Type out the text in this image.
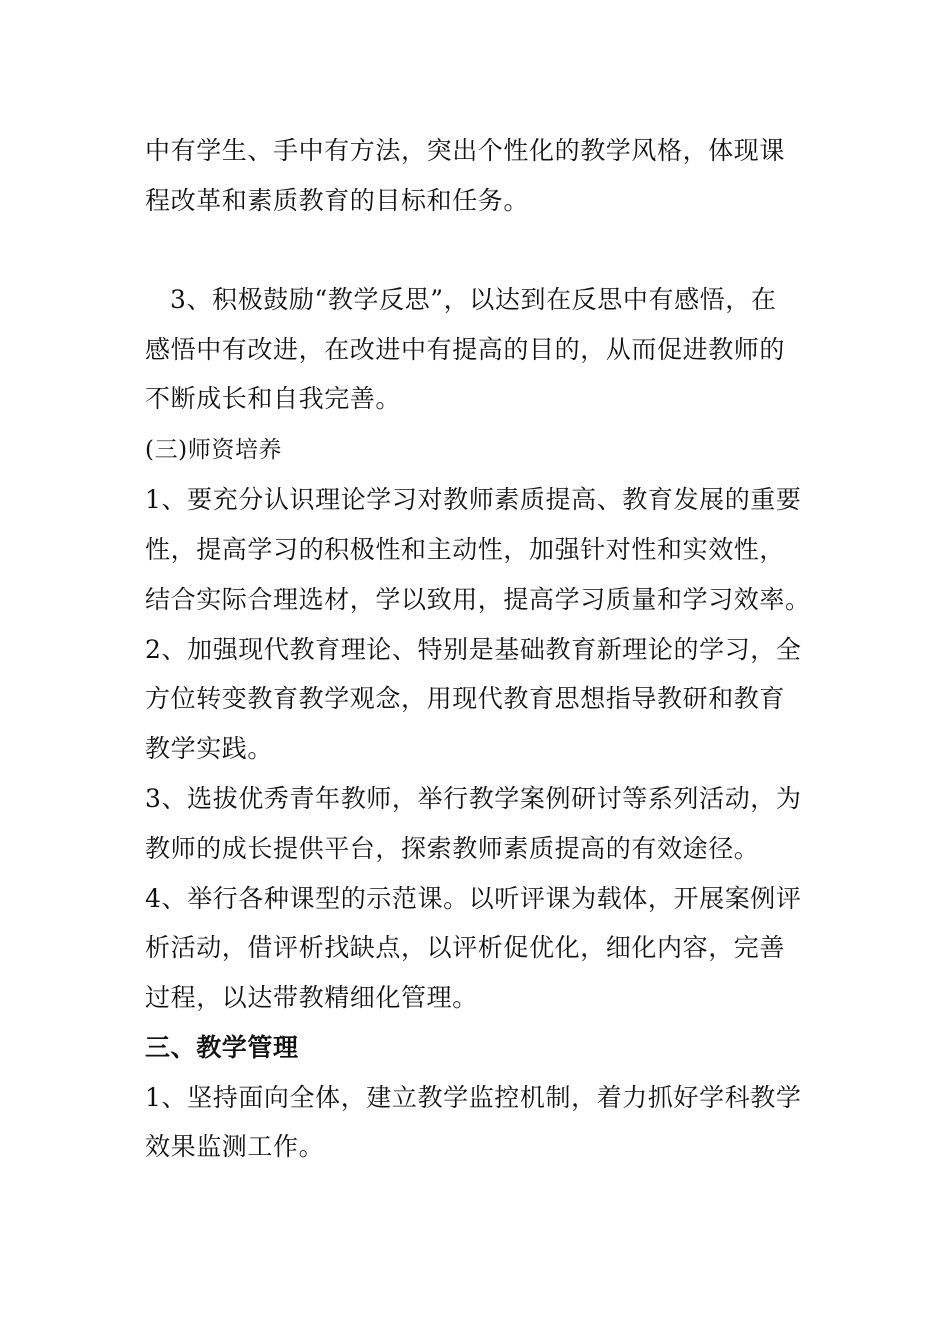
中有学生、手中有方法，突出个性化的教学风格，体现课
程改革和素质教育的目标和任务。
3、积极鼓励“教学反思”，以达到在反思中有感悟，在
感悟中有改进，在改进中有提高的目的，从而促进教师的
不断成长和自我完善。
(三)师资培养
1、要充分认识理论学习对教师素质提高、教育发展的重要
性，提高学习的积极性和主动性，加强针对性和实效性，
结合实际合理选材，学以致用，提高学习质量和学习效率。
2、加强现代教育理论、特别是基础教育新理论的学习，全
方位转变教育教学观念，用现代教育思想指导教研和教育
教学实践。
3、选拔优秀青年教师，举行教学案例研讨等系列活动，为
教师的成长提供平台，探索教师素质提高的有效途径。
4、举行各种课型的示范课。以听评课为载体，开展案例评
析活动，借评析找缺点，以评析促优化，细化内容，完善
过程，以达带教精细化管理。
三、教学管理
1、坚持面向全体，建立教学监控机制，着力抓好学科教学
效果监测工作。
